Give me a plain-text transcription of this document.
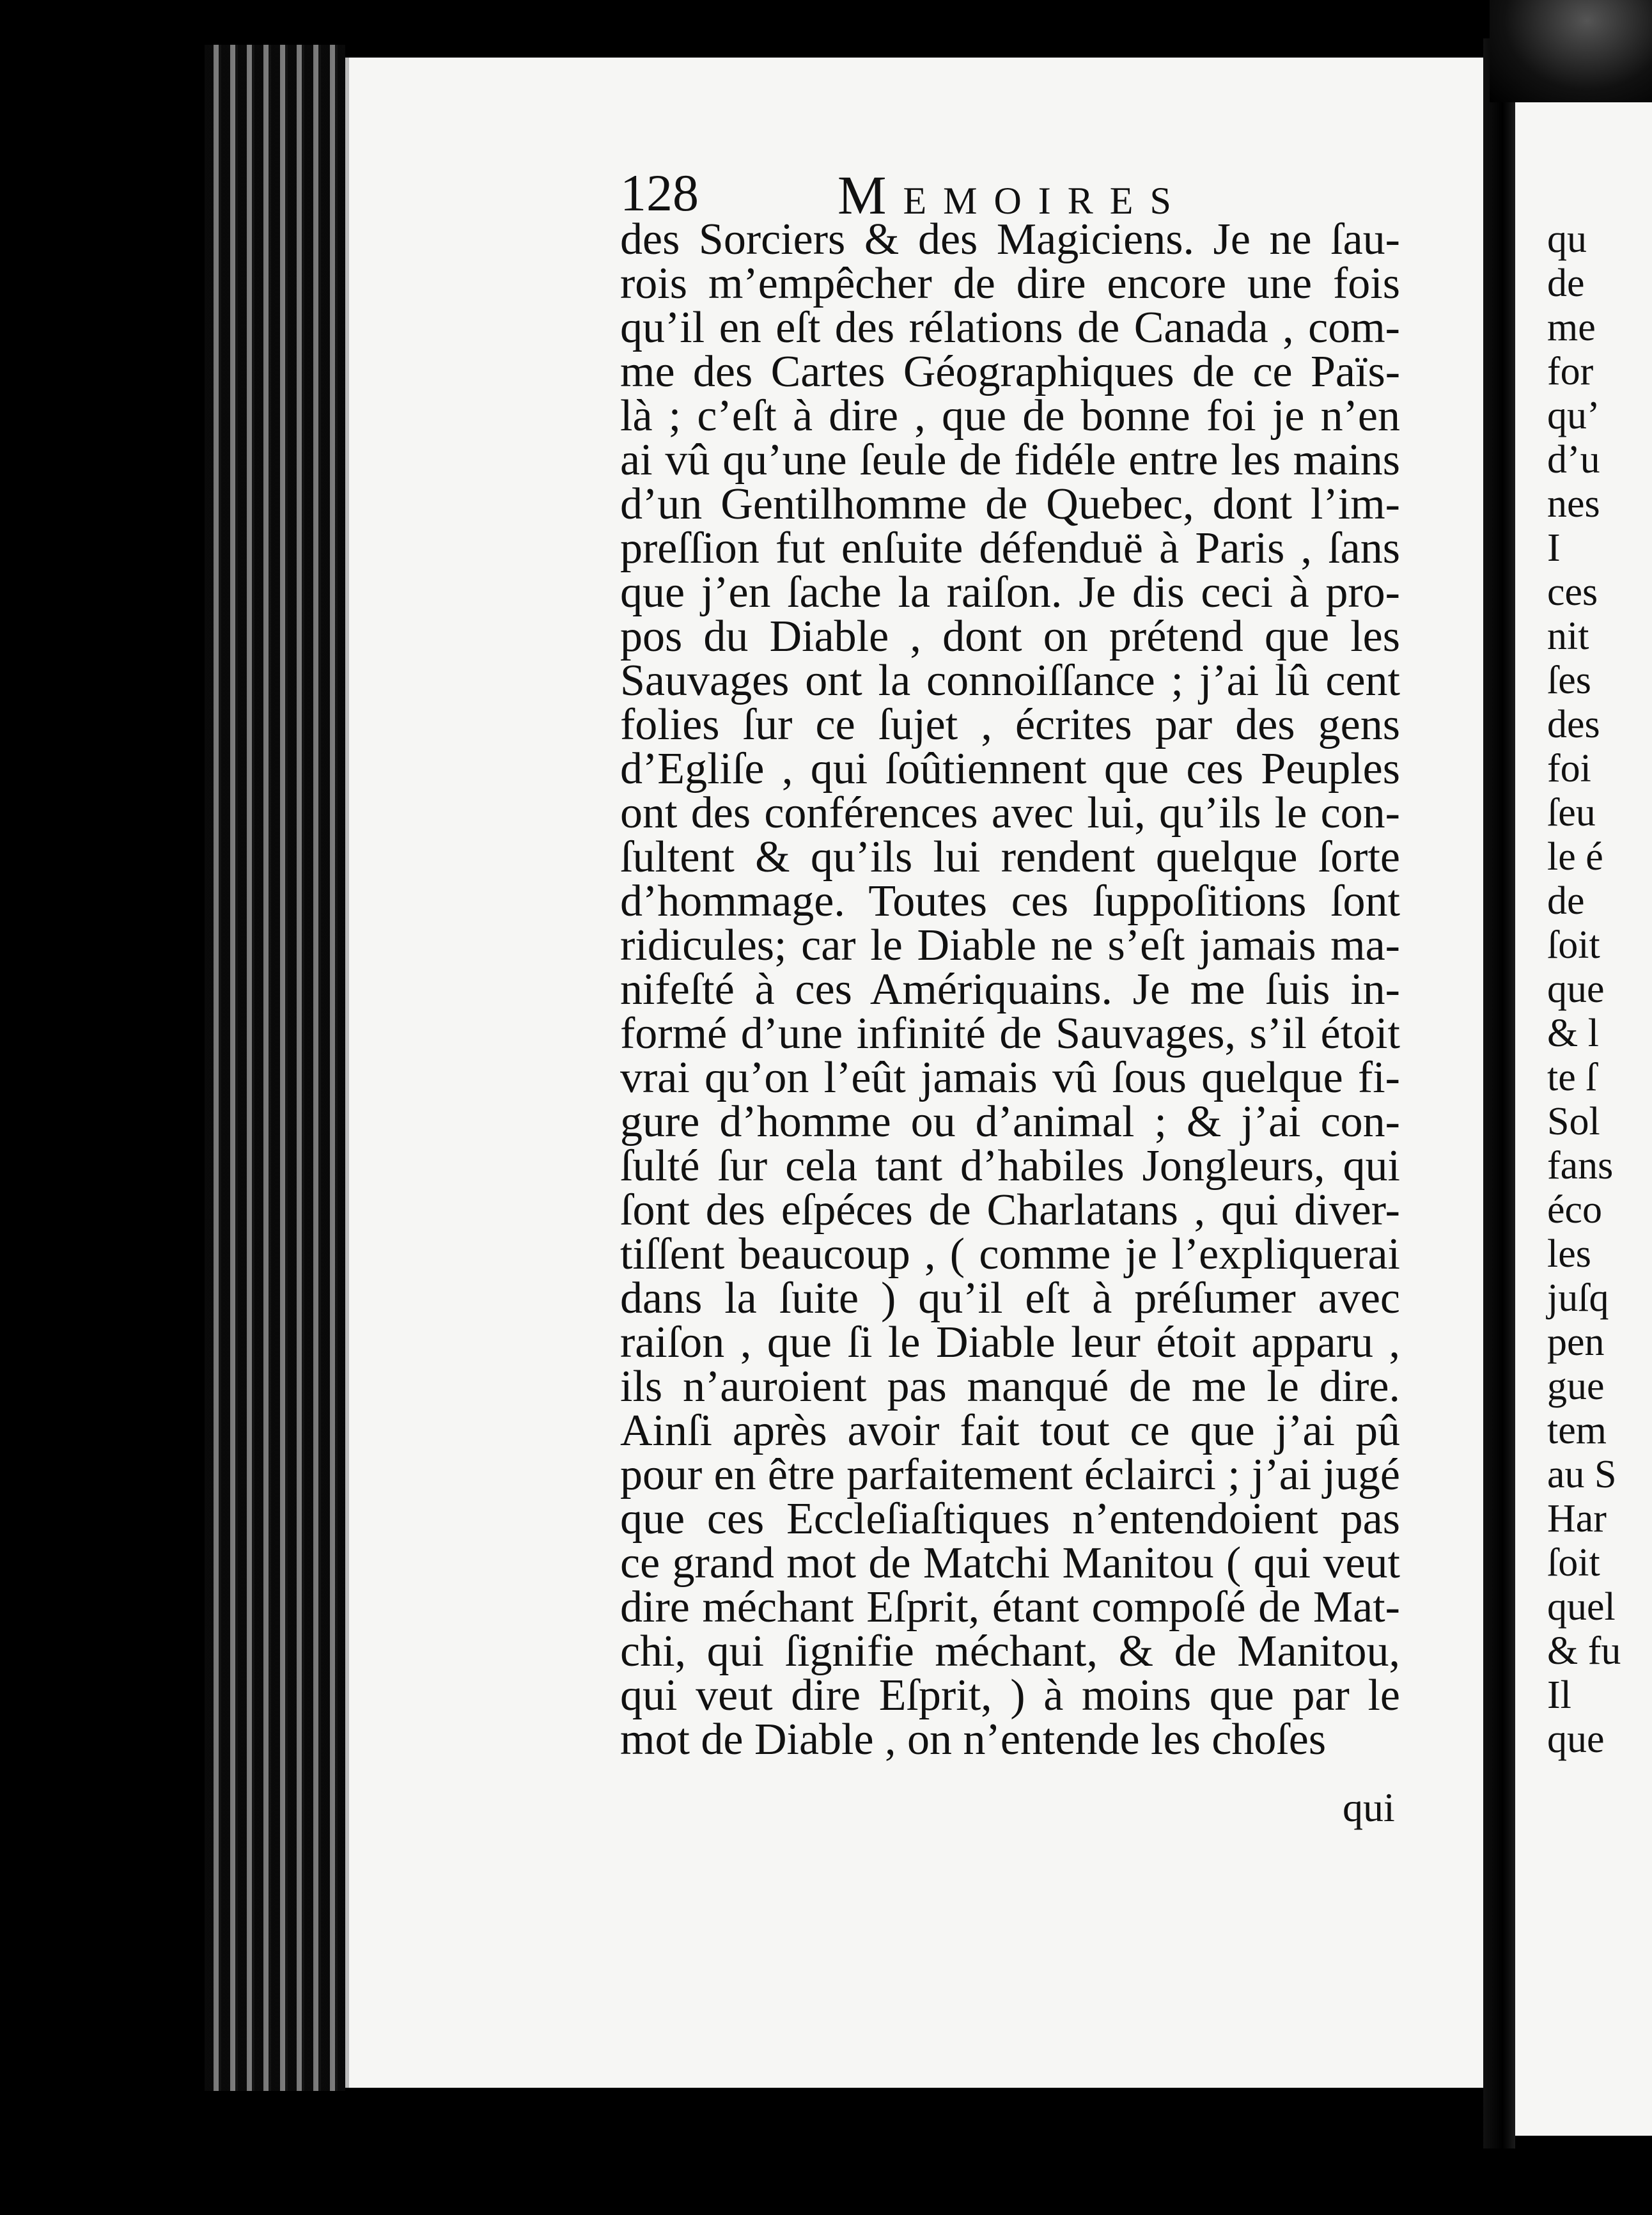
128	Memoires
des Sorciers & des Magiciens. Je ne ſau-
rois m’empêcher de dire encore une fois
qu’il en eſt des rélations de Canada , com-
me des Cartes Géographiques de ce Païs-
là ; c’eſt à dire , que de bonne foi je n’en
ai vû qu’une ſeule de fidéle entre les mains
d’un Gentilhomme de Quebec, dont l’im-
preſſion fut enſuite défenduë à Paris , ſans
que j’en ſache la raiſon. Je dis ceci à pro-
pos du Diable , dont on prétend que les
Sauvages ont la connoiſſance ; j’ai lû cent
folies ſur ce ſujet , écrites par des gens
d’Egliſe , qui ſoûtiennent que ces Peuples
ont des conférences avec lui, qu’ils le con-
ſultent & qu’ils lui rendent quelque ſorte
d’hommage. Toutes ces ſuppoſitions ſont
ridicules; car le Diable ne s’eſt jamais ma-
nifeſté à ces Amériquains. Je me ſuis in-
formé d’une infinité de Sauvages, s’il étoit
vrai qu’on l’eût jamais vû ſous quelque fi-
gure d’homme ou d’animal ; & j’ai con-
ſulté ſur cela tant d’habiles Jongleurs, qui
ſont des eſpéces de Charlatans , qui diver-
tiſſent beaucoup , ( comme je l’expliquerai
dans la ſuite ) qu’il eſt à préſumer avec
raiſon , que ſi le Diable leur étoit apparu ,
ils n’auroient pas manqué de me le dire.
Ainſi après avoir fait tout ce que j’ai pû
pour en être parfaitement éclairci ; j’ai jugé
que ces Eccleſiaſtiques n’entendoient pas
ce grand mot de Matchi Manitou ( qui veut
dire méchant Eſprit, étant compoſé de Mat-
chi, qui ſignifie méchant, & de Manitou,
qui veut dire Eſprit, ) à moins que par le
mot de Diable , on n’entende les choſes
qui
qu
de
me
for
qu’
d’u
nes
I
ces
nit
ſes
des
foi
ſeu
le é
de
ſoit
que
& l
te ſ
Sol
fans
éco
les
juſq
pen
gue
tem
au S
Har
ſoit
quel
& fu
Il
que
